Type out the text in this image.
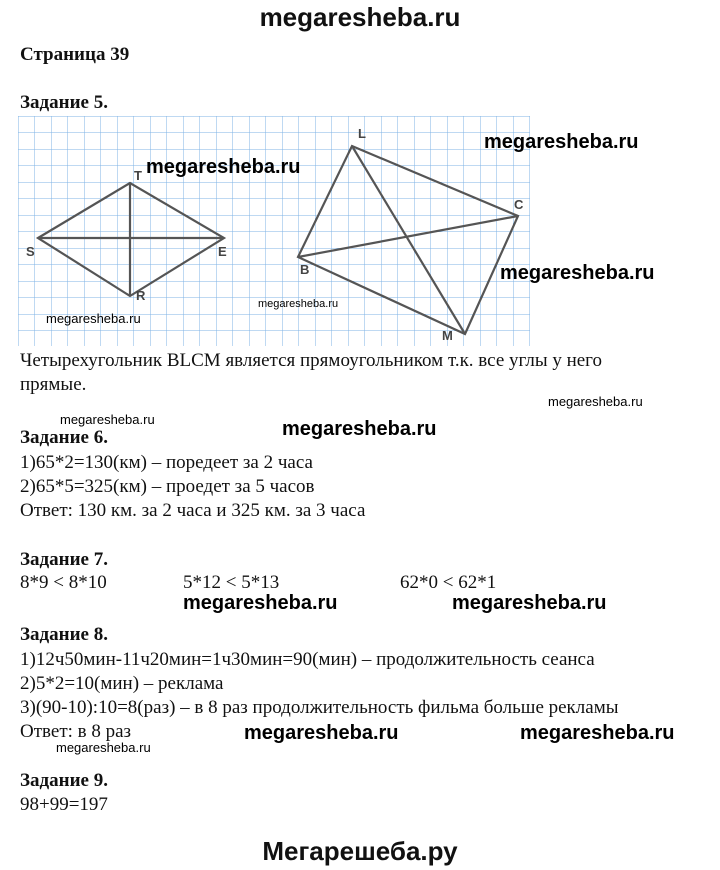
megaresheba.ru
Страница 39
Задание 5.
S
T
E
R
L
C
B
M
megaresheba.ru
megaresheba.ru
megaresheba.ru
megaresheba.ru
megaresheba.ru
Четырехугольник BLCM является прямоугольником т.к. все углы у него
прямые.
megaresheba.ru
megaresheba.ru	megaresheba.ru
Задание 6.
1)65*2=130(км) – поредеет за 2 часа
2)65*5=325(км) – проедет за 5 часов
Ответ: 130 км. за 2 часа и 325 км. за 3 часа
Задание 7.
8*9 < 8*10	5*12 < 5*13	62*0 < 62*1
megaresheba.ru	megaresheba.ru
Задание 8.
1)12ч50мин-11ч20мин=1ч30мин=90(мин) – продолжительность сеанса
2)5*2=10(мин) – реклама
3)(90-10):10=8(раз) – в 8 раз продолжительность фильма больше рекламы
Ответ: в 8 раз
megaresheba.ru
megaresheba.ru	megaresheba.ru
Задание 9.
98+99=197
Мегарешеба.ру
